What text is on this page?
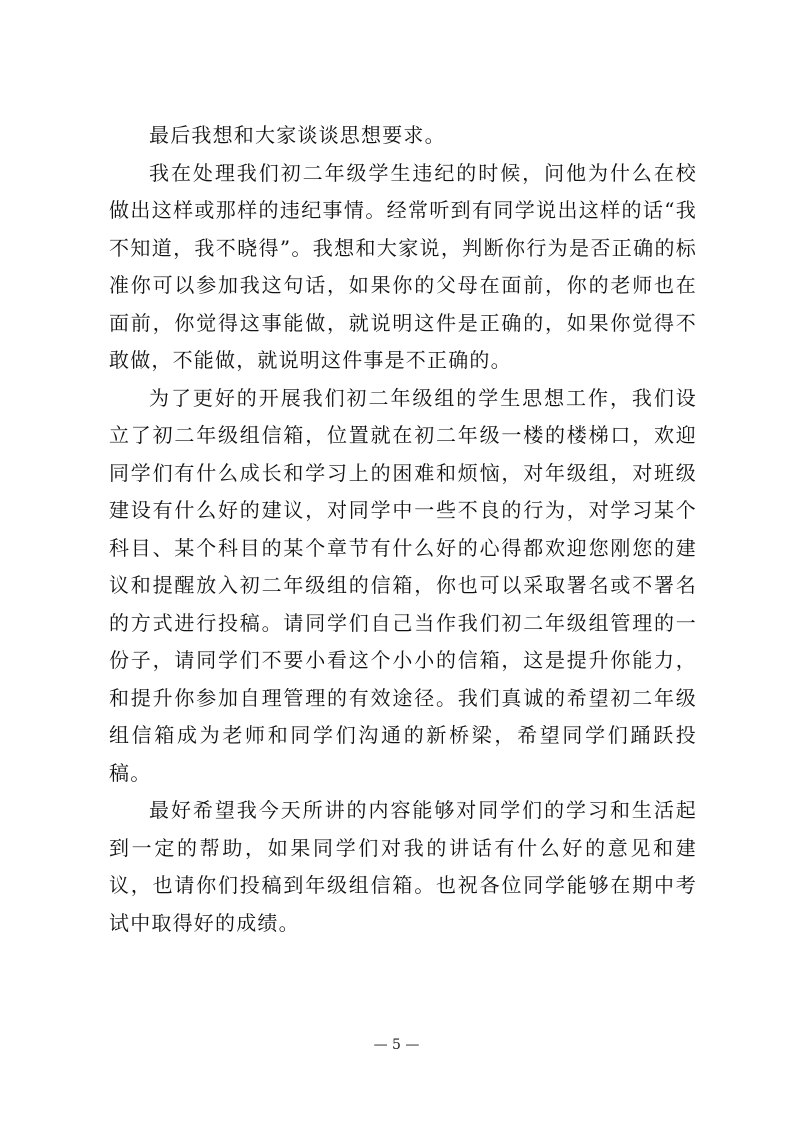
最后我想和大家谈谈思想要求。

我在处理我们初二年级学生违纪的时候，问他为什么在校做出这样或那样的违纪事情。经常听到有同学说出这样的话“我不知道，我不晓得”。我想和大家说，判断你行为是否正确的标准你可以参加我这句话，如果你的父母在面前，你的老师也在面前，你觉得这事能做，就说明这件是正确的，如果你觉得不敢做，不能做，就说明这件事是不正确的。

为了更好的开展我们初二年级组的学生思想工作，我们设立了初二年级组信箱，位置就在初二年级一楼的楼梯口，欢迎同学们有什么成长和学习上的困难和烦恼，对年级组，对班级建设有什么好的建议，对同学中一些不良的行为，对学习某个科目、某个科目的某个章节有什么好的心得都欢迎您刚您的建议和提醒放入初二年级组的信箱，你也可以采取署名或不署名的方式进行投稿。请同学们自己当作我们初二年级组管理的一份子，请同学们不要小看这个小小的信箱，这是提升你能力，和提升你参加自理管理的有效途径。我们真诚的希望初二年级组信箱成为老师和同学们沟通的新桥梁，希望同学们踊跃投稿。

最好希望我今天所讲的内容能够对同学们的学习和生活起到一定的帮助，如果同学们对我的讲话有什么好的意见和建议，也请你们投稿到年级组信箱。也祝各位同学能够在期中考试中取得好的成绩。

— 5 —
